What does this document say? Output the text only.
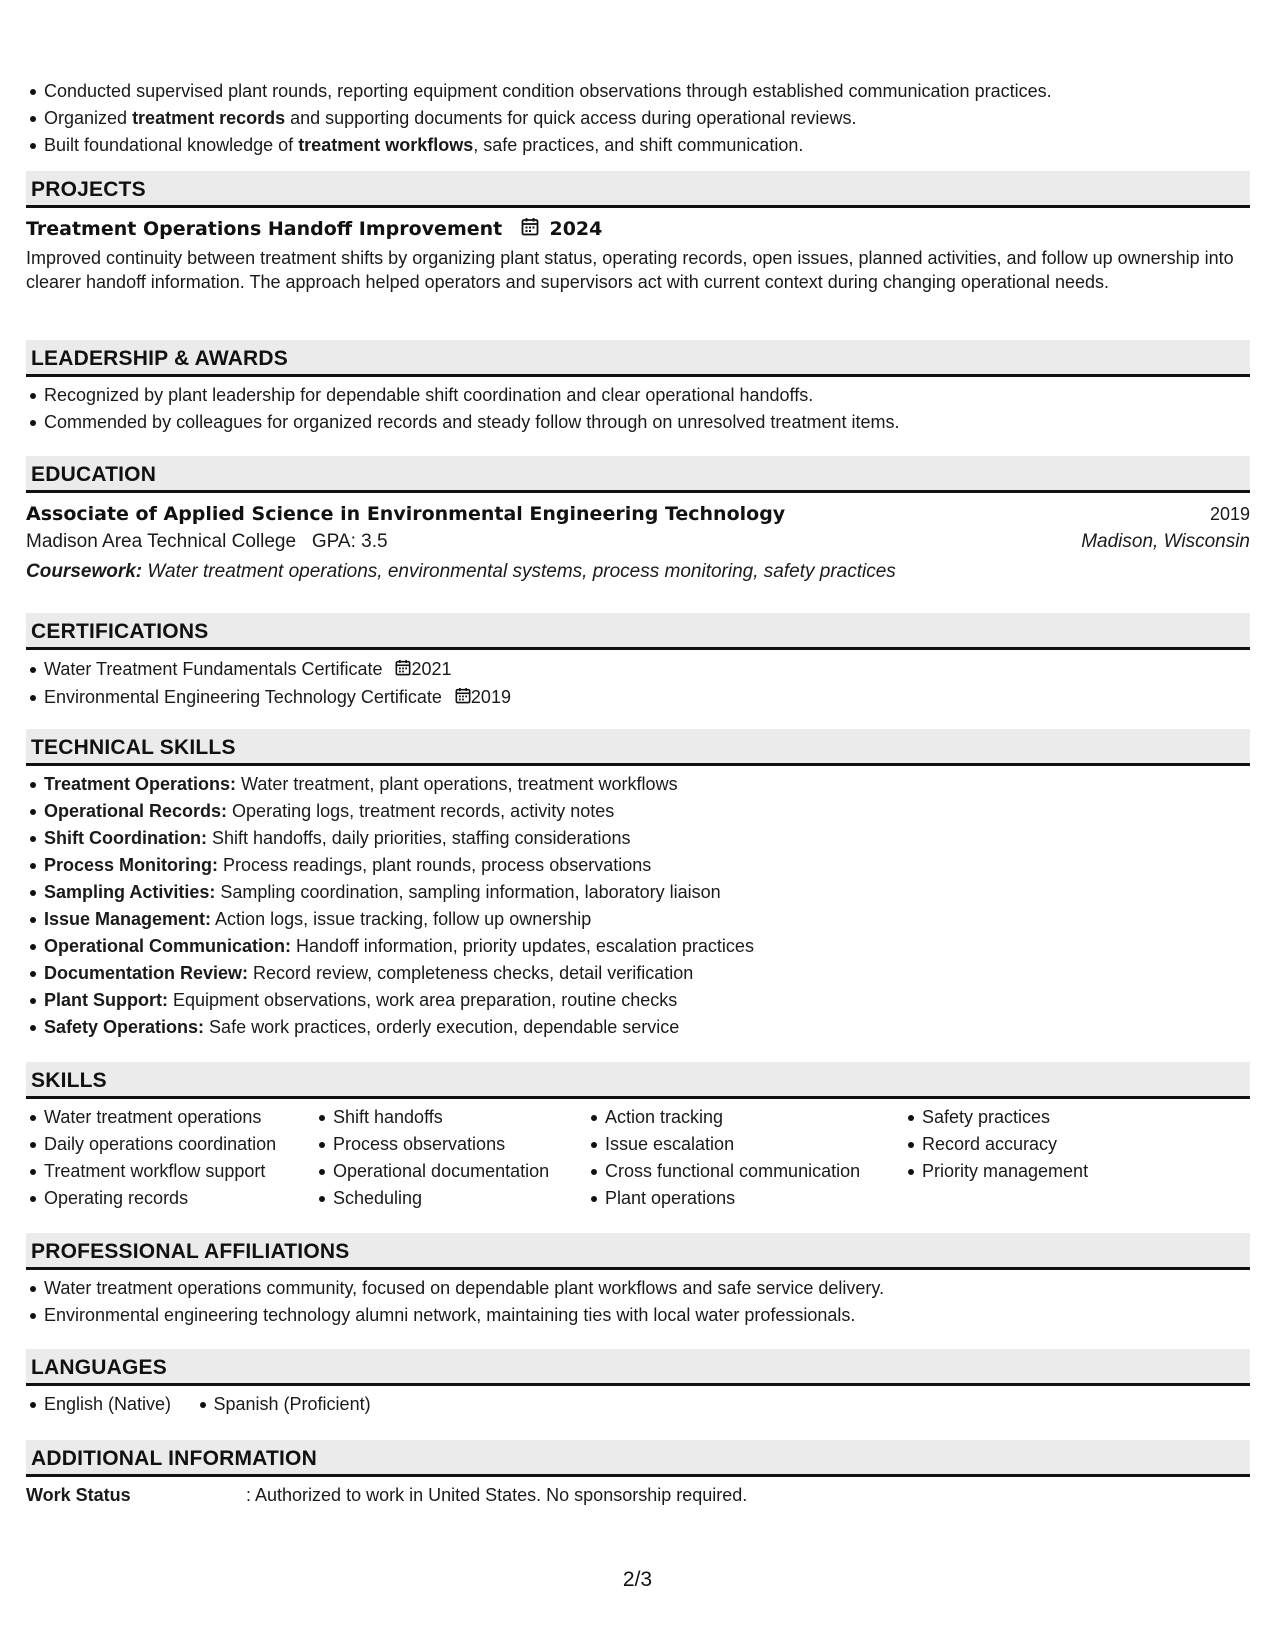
Conducted supervised plant rounds, reporting equipment condition observations through established communication practices.
Organized treatment records and supporting documents for quick access during operational reviews.
Built foundational knowledge of treatment workflows, safe practices, and shift communication.
PROJECTS
Treatment Operations Handoff Improvement 2024
Improved continuity between treatment shifts by organizing plant status, operating records, open issues, planned activities, and follow up ownership into clearer handoff information. The approach helped operators and supervisors act with current context during changing operational needs.
LEADERSHIP & AWARDS
Recognized by plant leadership for dependable shift coordination and clear operational handoffs.
Commended by colleagues for organized records and steady follow through on unresolved treatment items.
EDUCATION
Associate of Applied Science in Environmental Engineering Technology	2019
Madison Area Technical College GPA: 3.5	Madison, Wisconsin
Coursework: Water treatment operations, environmental systems, process monitoring, safety practices
CERTIFICATIONS
Water Treatment Fundamentals Certificate 2021
Environmental Engineering Technology Certificate 2019
TECHNICAL SKILLS
Treatment Operations: Water treatment, plant operations, treatment workflows
Operational Records: Operating logs, treatment records, activity notes
Shift Coordination: Shift handoffs, daily priorities, staffing considerations
Process Monitoring: Process readings, plant rounds, process observations
Sampling Activities: Sampling coordination, sampling information, laboratory liaison
Issue Management: Action logs, issue tracking, follow up ownership
Operational Communication: Handoff information, priority updates, escalation practices
Documentation Review: Record review, completeness checks, detail verification
Plant Support: Equipment observations, work area preparation, routine checks
Safety Operations: Safe work practices, orderly execution, dependable service
SKILLS
Water treatment operations
Daily operations coordination
Treatment workflow support
Operating records
Shift handoffs
Process observations
Operational documentation
Scheduling
Action tracking
Issue escalation
Cross functional communication
Plant operations
Safety practices
Record accuracy
Priority management
PROFESSIONAL AFFILIATIONS
Water treatment operations community, focused on dependable plant workflows and safe service delivery.
Environmental engineering technology alumni network, maintaining ties with local water professionals.
LANGUAGES
English (Native) Spanish (Proficient)
ADDITIONAL INFORMATION
Work Status	: Authorized to work in United States. No sponsorship required.
2/3
